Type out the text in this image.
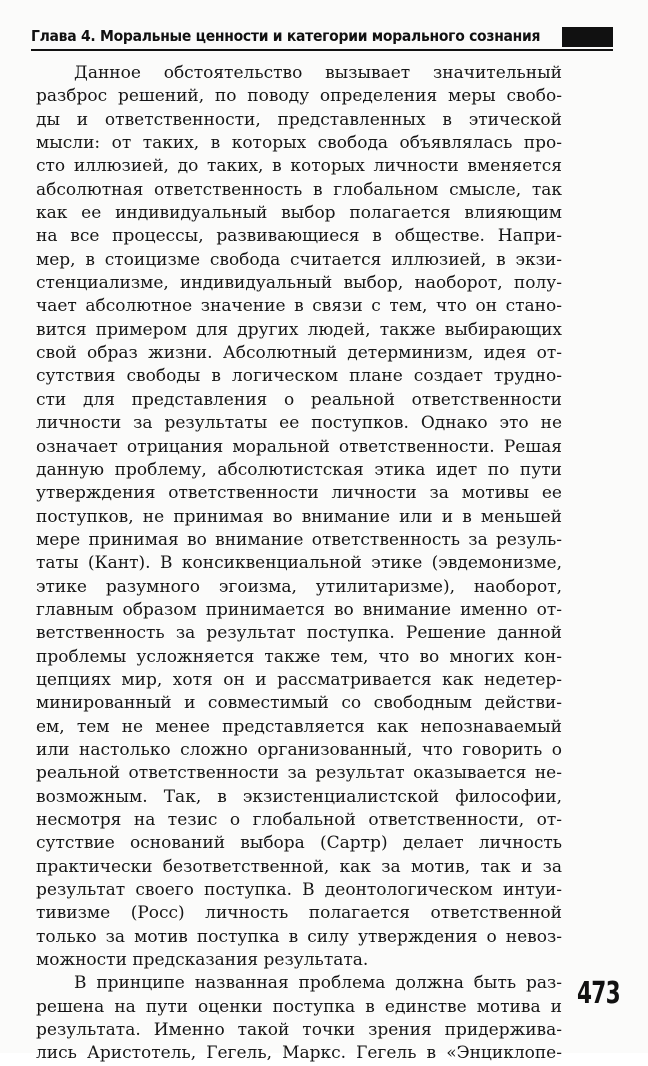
Глава 4. Моральные ценности и категории морального сознания
Данное обстоятельство вызывает значительный
разброс решений, по поводу определения меры свобо-
ды и ответственности, представленных в этической
мысли: от таких, в которых свобода объявлялась про-
сто иллюзией, до таких, в которых личности вменяется
абсолютная ответственность в глобальном смысле, так
как ее индивидуальный выбор полагается влияющим
на все процессы, развивающиеся в обществе. Напри-
мер, в стоицизме свобода считается иллюзией, в экзи-
стенциализме, индивидуальный выбор, наоборот, полу-
чает абсолютное значение в связи с тем, что он стано-
вится примером для других людей, также выбирающих
свой образ жизни. Абсолютный детерминизм, идея от-
сутствия свободы в логическом плане создает трудно-
сти для представления о реальной ответственности
личности за результаты ее поступков. Однако это не
означает отрицания моральной ответственности. Решая
данную проблему, абсолютистская этика идет по пути
утверждения ответственности личности за мотивы ее
поступков, не принимая во внимание или и в меньшей
мере принимая во внимание ответственность за резуль-
таты (Кант). В консиквенциальной этике (эвдемонизме,
этике разумного эгоизма, утилитаризме), наоборот,
главным образом принимается во внимание именно от-
ветственность за результат поступка. Решение данной
проблемы усложняется также тем, что во многих кон-
цепциях мир, хотя он и рассматривается как недетер-
минированный и совместимый со свободным действи-
ем, тем не менее представляется как непознаваемый
или настолько сложно организованный, что говорить о
реальной ответственности за результат оказывается не-
возможным. Так, в экзистенциалистской философии,
несмотря на тезис о глобальной ответственности, от-
сутствие оснований выбора (Сартр) делает личность
практически безответственной, как за мотив, так и за
результат своего поступка. В деонтологическом интуи-
тивизме (Росс) личность полагается ответственной
только за мотив поступка в силу утверждения о невоз-
можности предсказания результата.
В принципе названная проблема должна быть раз-
решена на пути оценки поступка в единстве мотива и
результата. Именно такой точки зрения придержива-
лись Аристотель, Гегель, Маркс. Гегель в «Энциклопе-
473
